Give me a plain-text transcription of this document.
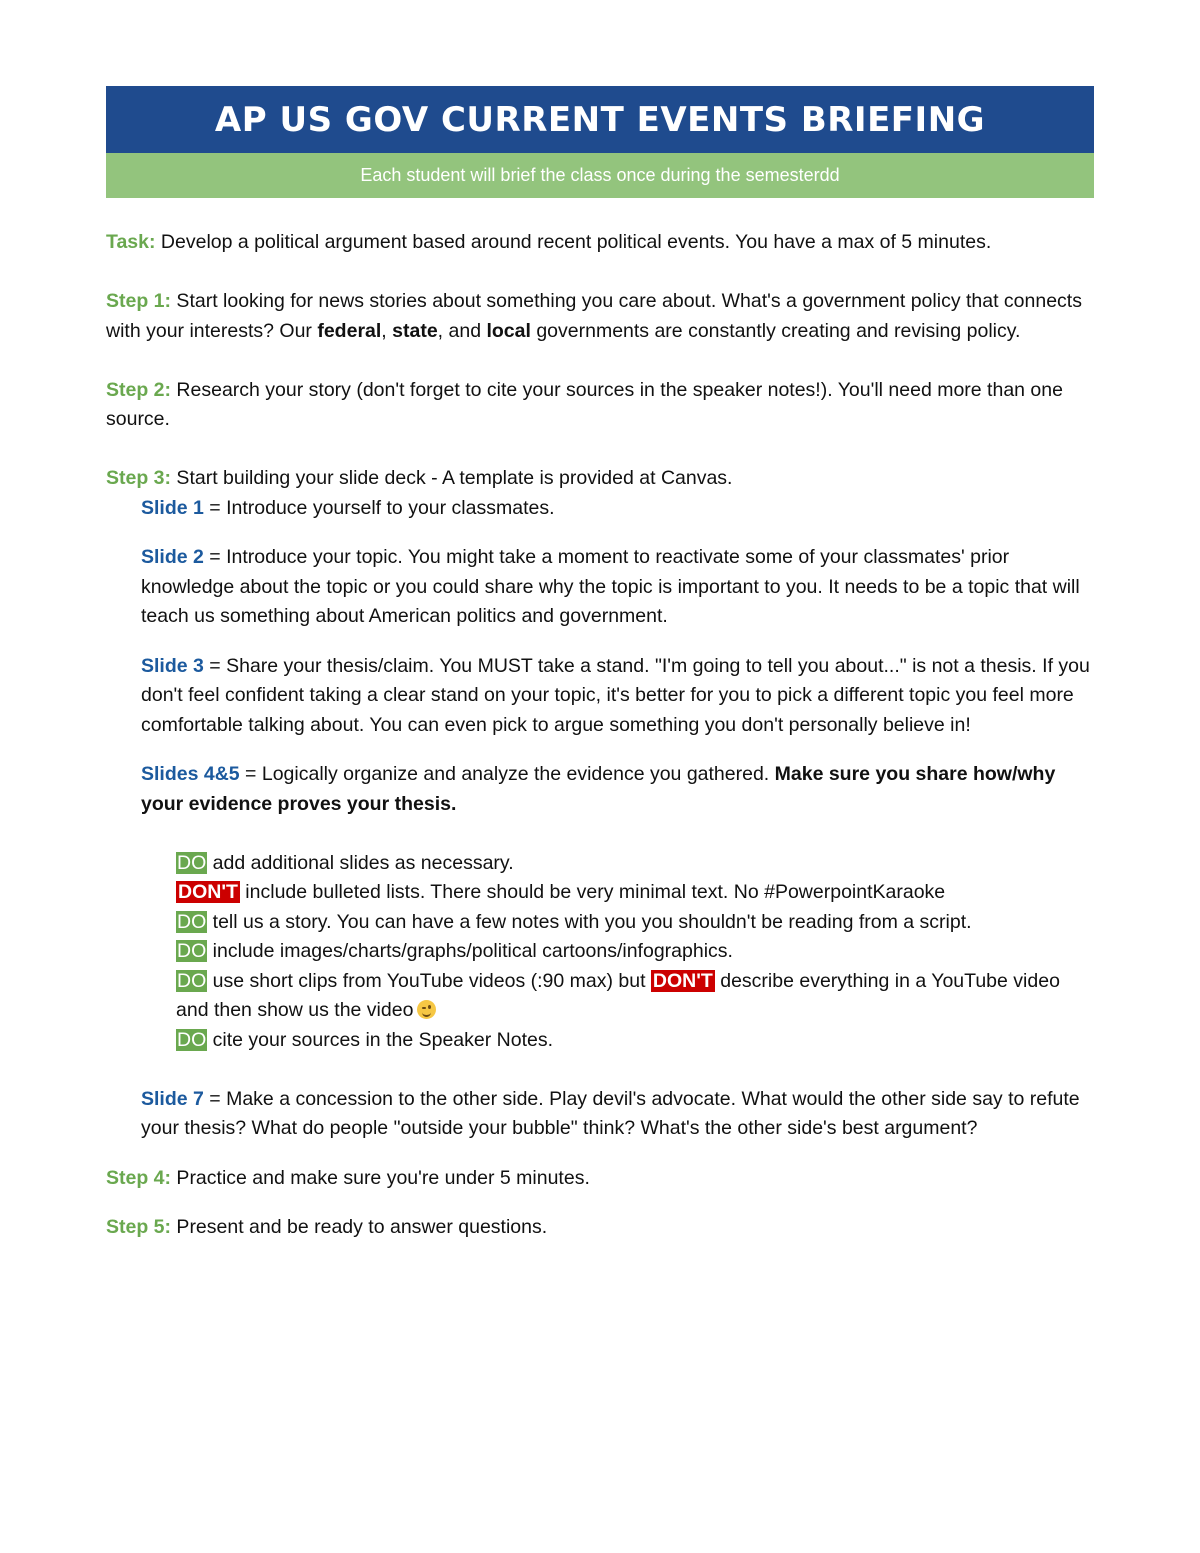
AP US GOV CURRENT EVENTS BRIEFING
Each student will brief the class once during the semesterdd

Task: Develop a political argument based around recent political events. You have a max of 5 minutes.

Step 1: Start looking for news stories about something you care about. What's a government policy that connects with your interests? Our federal, state, and local governments are constantly creating and revising policy.

Step 2: Research your story (don't forget to cite your sources in the speaker notes!). You'll need more than one source.

Step 3: Start building your slide deck - A template is provided at Canvas.

Slide 1 = Introduce yourself to your classmates.

Slide 2 = Introduce your topic. You might take a moment to reactivate some of your classmates' prior knowledge about the topic or you could share why the topic is important to you. It needs to be a topic that will teach us something about American politics and government.

Slide 3 = Share your thesis/claim. You MUST take a stand. "I'm going to tell you about..." is not a thesis. If you don't feel confident taking a clear stand on your topic, it's better for you to pick a different topic you feel more comfortable talking about. You can even pick to argue something you don't personally believe in!

Slides 4&5 = Logically organize and analyze the evidence you gathered. Make sure you share how/why your evidence proves your thesis.

DO add additional slides as necessary.

DON'T include bulleted lists. There should be very minimal text. No #PowerpointKaraoke

DO tell us a story. You can have a few notes with you you shouldn't be reading from a script.

DO include images/charts/graphs/political cartoons/infographics.

DO use short clips from YouTube videos (:90 max) but DON'T describe everything in a YouTube video and then show us the video

DO cite your sources in the Speaker Notes.

Slide 7 = Make a concession to the other side. Play devil's advocate. What would the other side say to refute your thesis? What do people "outside your bubble" think? What's the other side's best argument?

Step 4: Practice and make sure you're under 5 minutes.

Step 5: Present and be ready to answer questions.
